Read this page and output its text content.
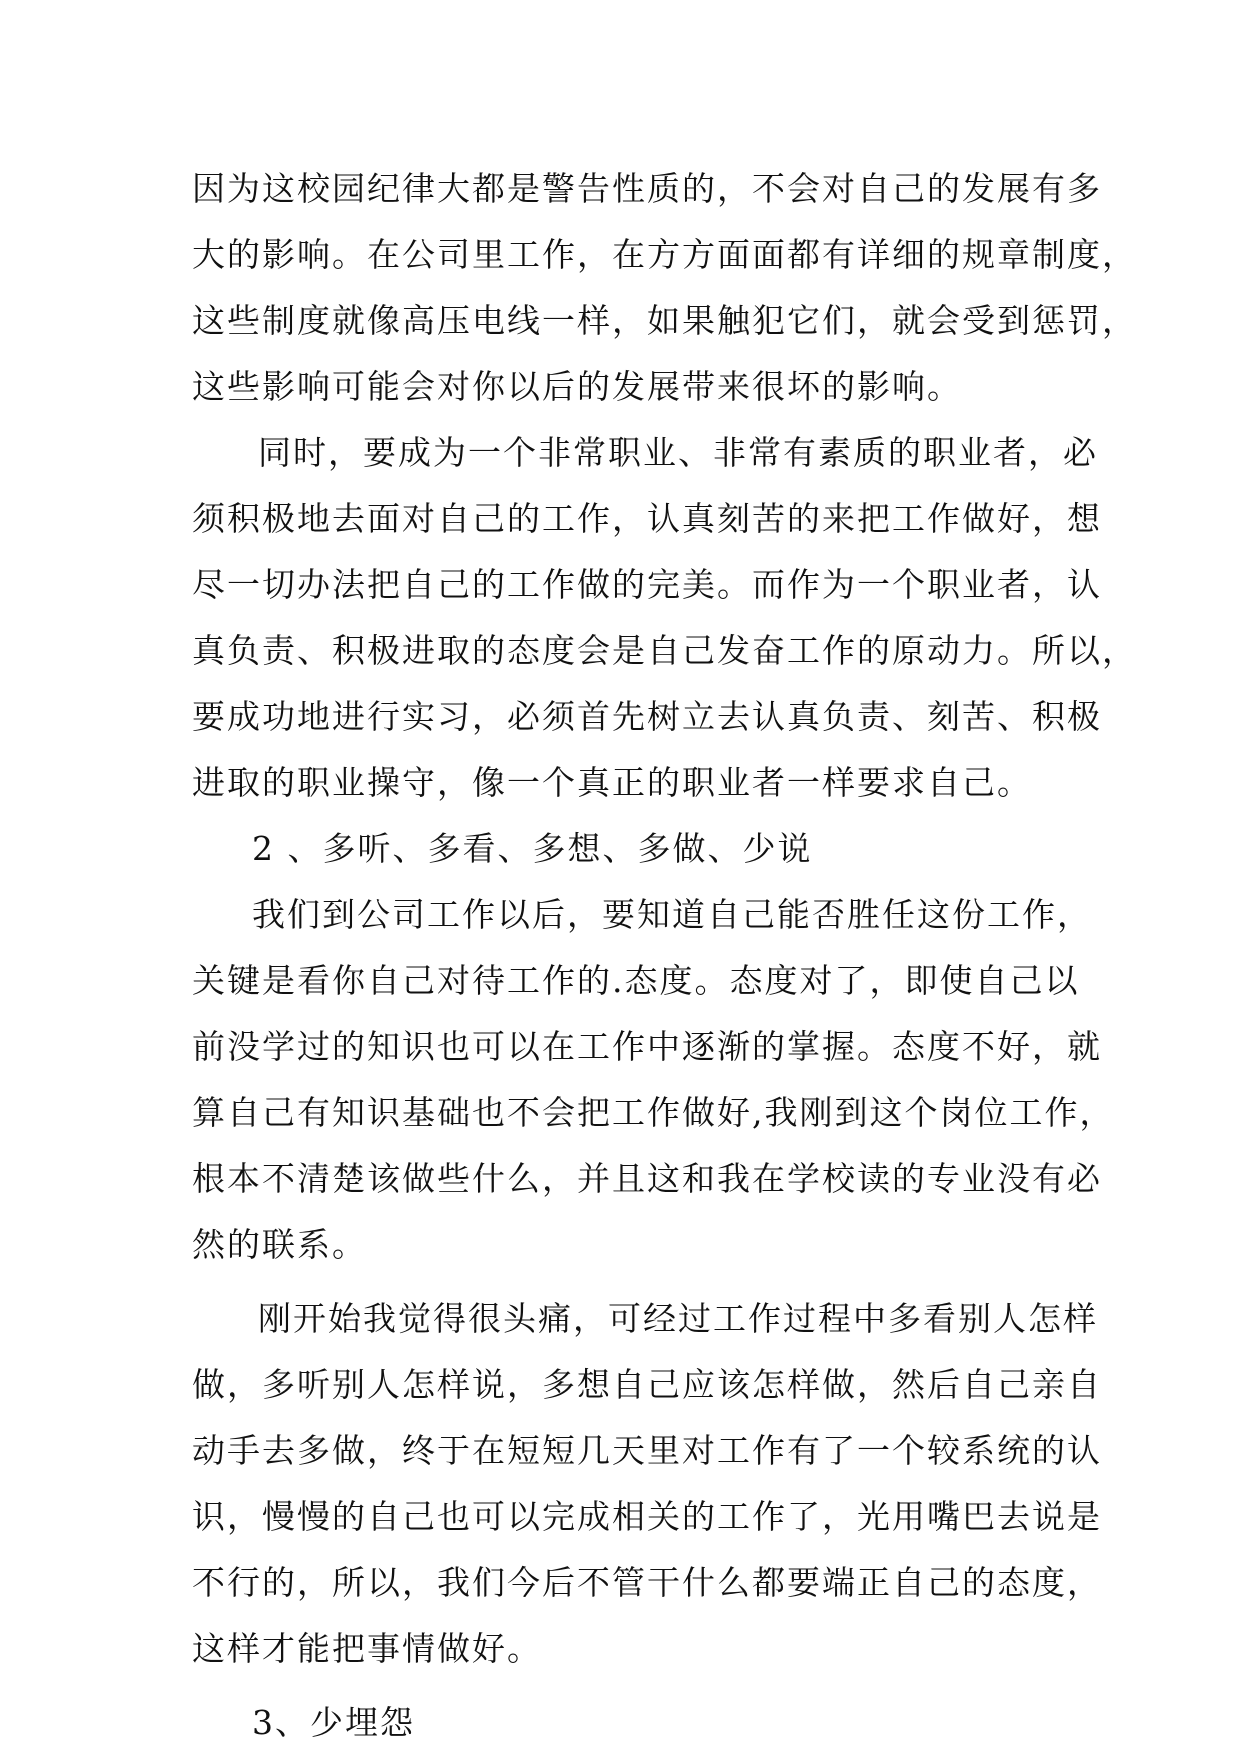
因为这校园纪律大都是警告性质的，不会对自己的发展有多
大的影响。在公司里工作，在方方面面都有详细的规章制度，
这些制度就像高压电线一样，如果触犯它们，就会受到惩罚，
这些影响可能会对你以后的发展带来很坏的影响。
同时，要成为一个非常职业、非常有素质的职业者，必
须积极地去面对自己的工作，认真刻苦的来把工作做好，想
尽一切办法把自己的工作做的完美。而作为一个职业者，认
真负责、积极进取的态度会是自己发奋工作的原动力。所以，
要成功地进行实习，必须首先树立去认真负责、刻苦、积极
进取的职业操守，像一个真正的职业者一样要求自己。
2 、多听、多看、多想、多做、少说
我们到公司工作以后，要知道自己能否胜任这份工作，
关键是看你自己对待工作的.态度。态度对了，即使自己以
前没学过的知识也可以在工作中逐渐的掌握。态度不好，就
算自己有知识基础也不会把工作做好,我刚到这个岗位工作，
根本不清楚该做些什么，并且这和我在学校读的专业没有必
然的联系。
刚开始我觉得很头痛，可经过工作过程中多看别人怎样
做，多听别人怎样说，多想自己应该怎样做，然后自己亲自
动手去多做，终于在短短几天里对工作有了一个较系统的认
识，慢慢的自己也可以完成相关的工作了，光用嘴巴去说是
不行的，所以，我们今后不管干什么都要端正自己的态度，
这样才能把事情做好。
3、少埋怨
